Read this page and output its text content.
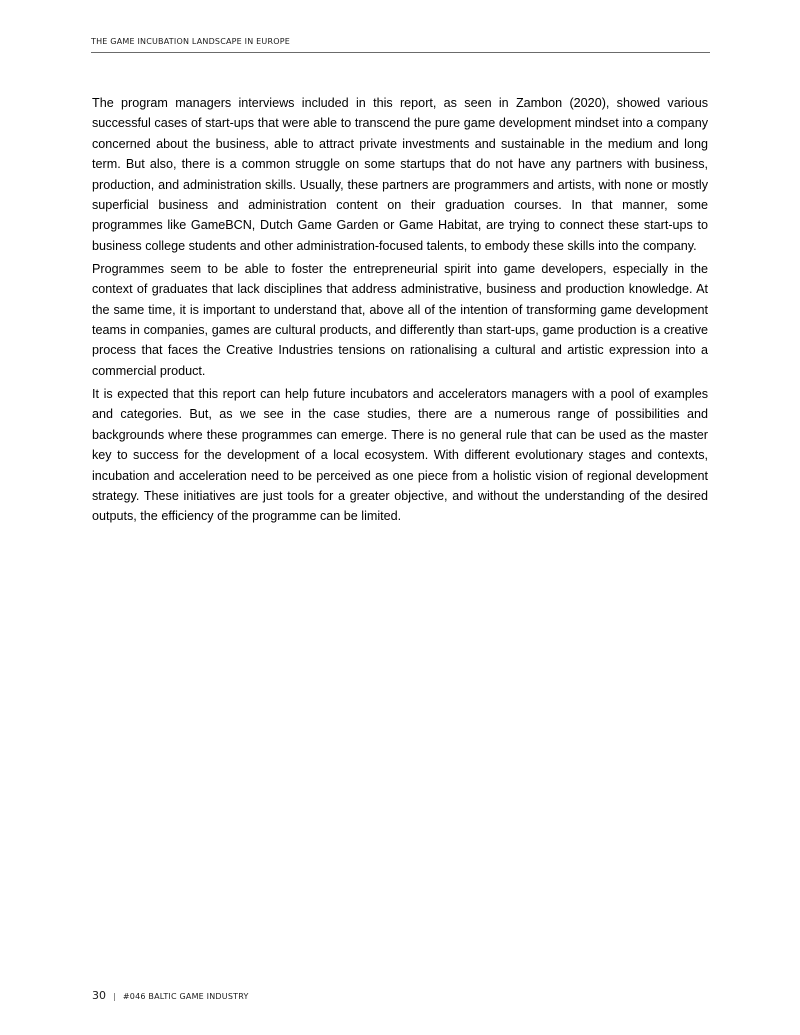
THE GAME INCUBATION LANDSCAPE IN EUROPE

The program managers interviews included in this report, as seen in Zambon (2020), showed various successful cases of start-ups that were able to transcend the pure game development mindset into a company concerned about the business, able to attract private investments and sustainable in the medium and long term. But also, there is a common struggle on some startups that do not have any partners with business, production, and administration skills. Usually, these partners are programmers and artists, with none or mostly superficial business and administration content on their graduation courses. In that manner, some programmes like GameBCN, Dutch Game Garden or Game Habitat, are trying to connect these start-ups to business college students and other administration-focused talents, to embody these skills into the company.

Programmes seem to be able to foster the entrepreneurial spirit into game developers, especially in the context of graduates that lack disciplines that address administrative, business and production knowledge. At the same time, it is important to understand that, above all of the intention of transforming game development teams in companies, games are cultural products, and differently than start-ups, game production is a creative process that faces the Creative Industries tensions on rationalising a cultural and artistic expression into a commercial product.

It is expected that this report can help future incubators and accelerators managers with a pool of examples and categories. But, as we see in the case studies, there are a numerous range of possibilities and backgrounds where these programmes can emerge. There is no general rule that can be used as the master key to success for the development of a local ecosystem. With different evolutionary stages and contexts, incubation and acceleration need to be perceived as one piece from a holistic vision of regional development strategy. These initiatives are just tools for a greater objective, and without the understanding of the desired outputs, the efficiency of the programme can be limited.

30 | #046 BALTIC GAME INDUSTRY
